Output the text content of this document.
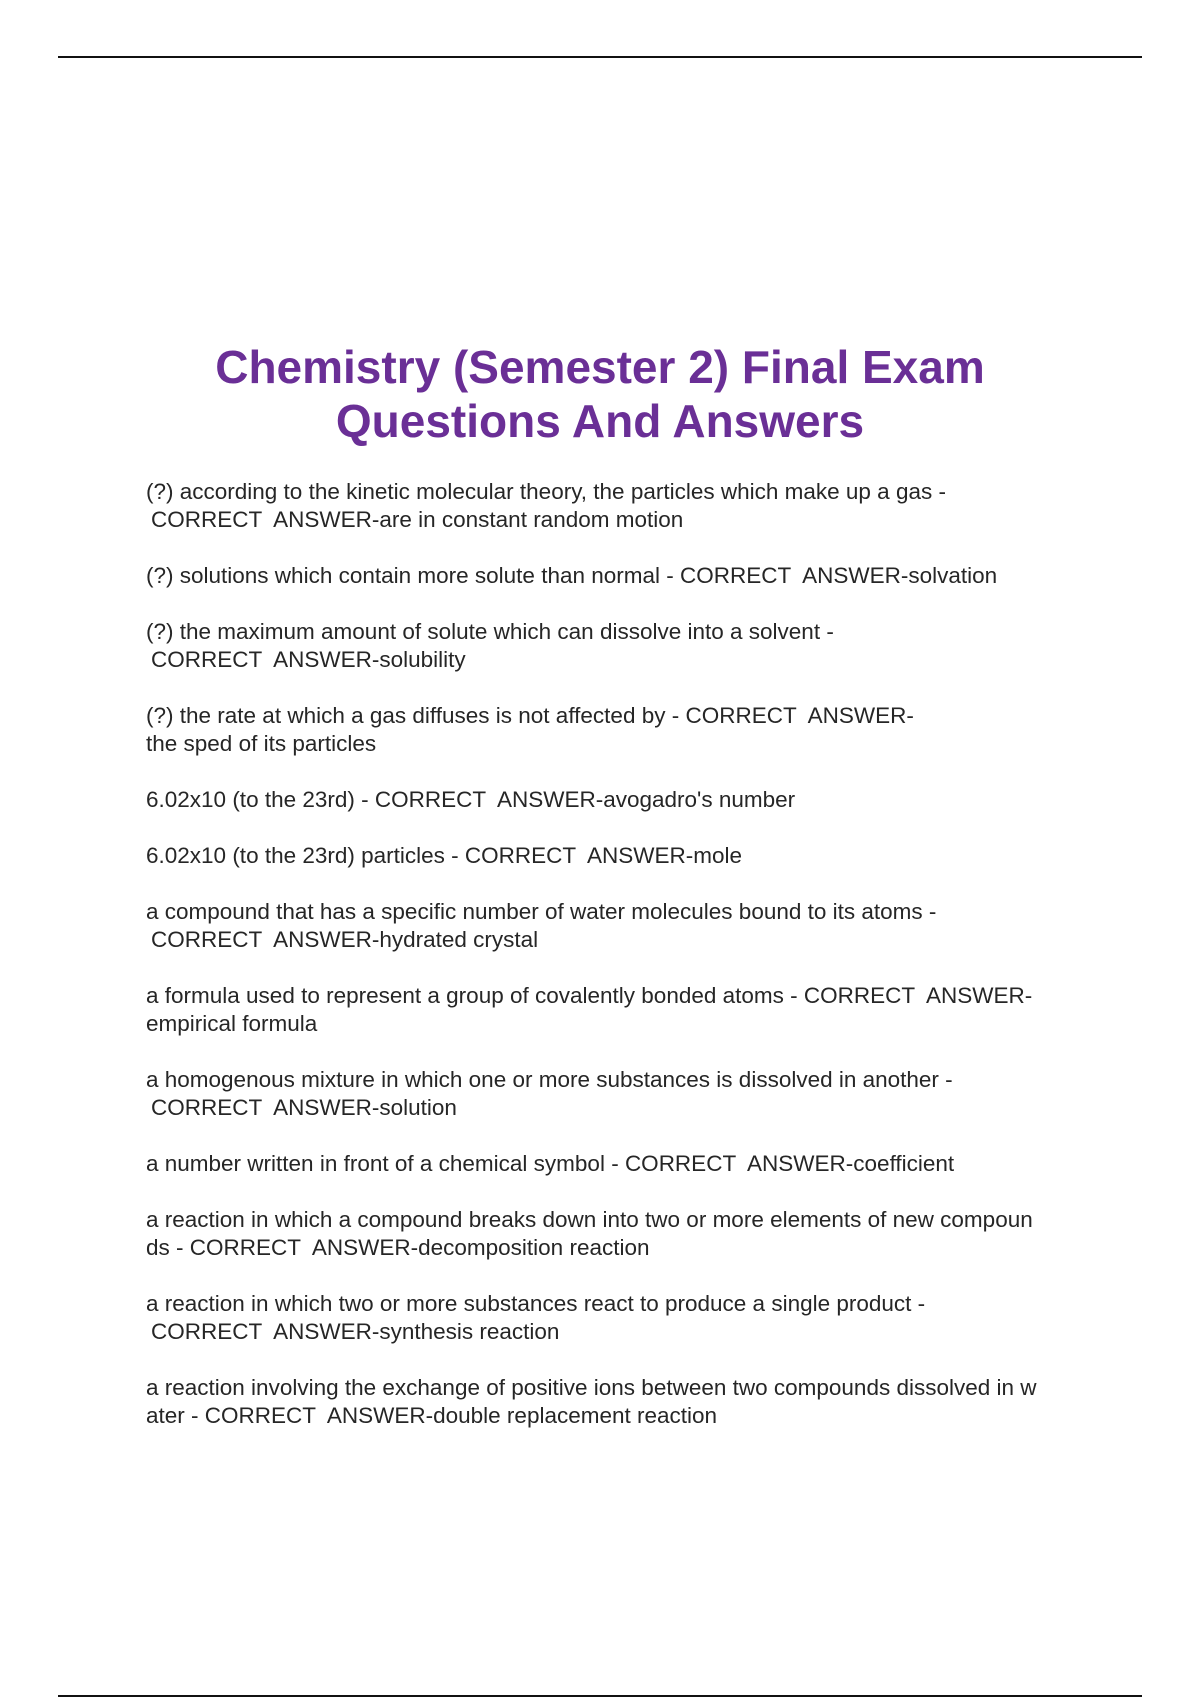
Chemistry (Semester 2) Final Exam
Questions And Answers

(?) according to the kinetic molecular theory, the particles which make up a gas -
CORRECT  ANSWER-are in constant random motion

(?) solutions which contain more solute than normal - CORRECT  ANSWER-solvation

(?) the maximum amount of solute which can dissolve into a solvent -
CORRECT  ANSWER-solubility

(?) the rate at which a gas diffuses is not affected by - CORRECT  ANSWER-
the sped of its particles

6.02x10 (to the 23rd) - CORRECT  ANSWER-avogadro's number

6.02x10 (to the 23rd) particles - CORRECT  ANSWER-mole

a compound that has a specific number of water molecules bound to its atoms -
CORRECT  ANSWER-hydrated crystal

a formula used to represent a group of covalently bonded atoms - CORRECT  ANSWER-
empirical formula

a homogenous mixture in which one or more substances is dissolved in another -
CORRECT  ANSWER-solution

a number written in front of a chemical symbol - CORRECT  ANSWER-coefficient

a reaction in which a compound breaks down into two or more elements of new compoun
ds - CORRECT  ANSWER-decomposition reaction

a reaction in which two or more substances react to produce a single product -
CORRECT  ANSWER-synthesis reaction

a reaction involving the exchange of positive ions between two compounds dissolved in w
ater - CORRECT  ANSWER-double replacement reaction
